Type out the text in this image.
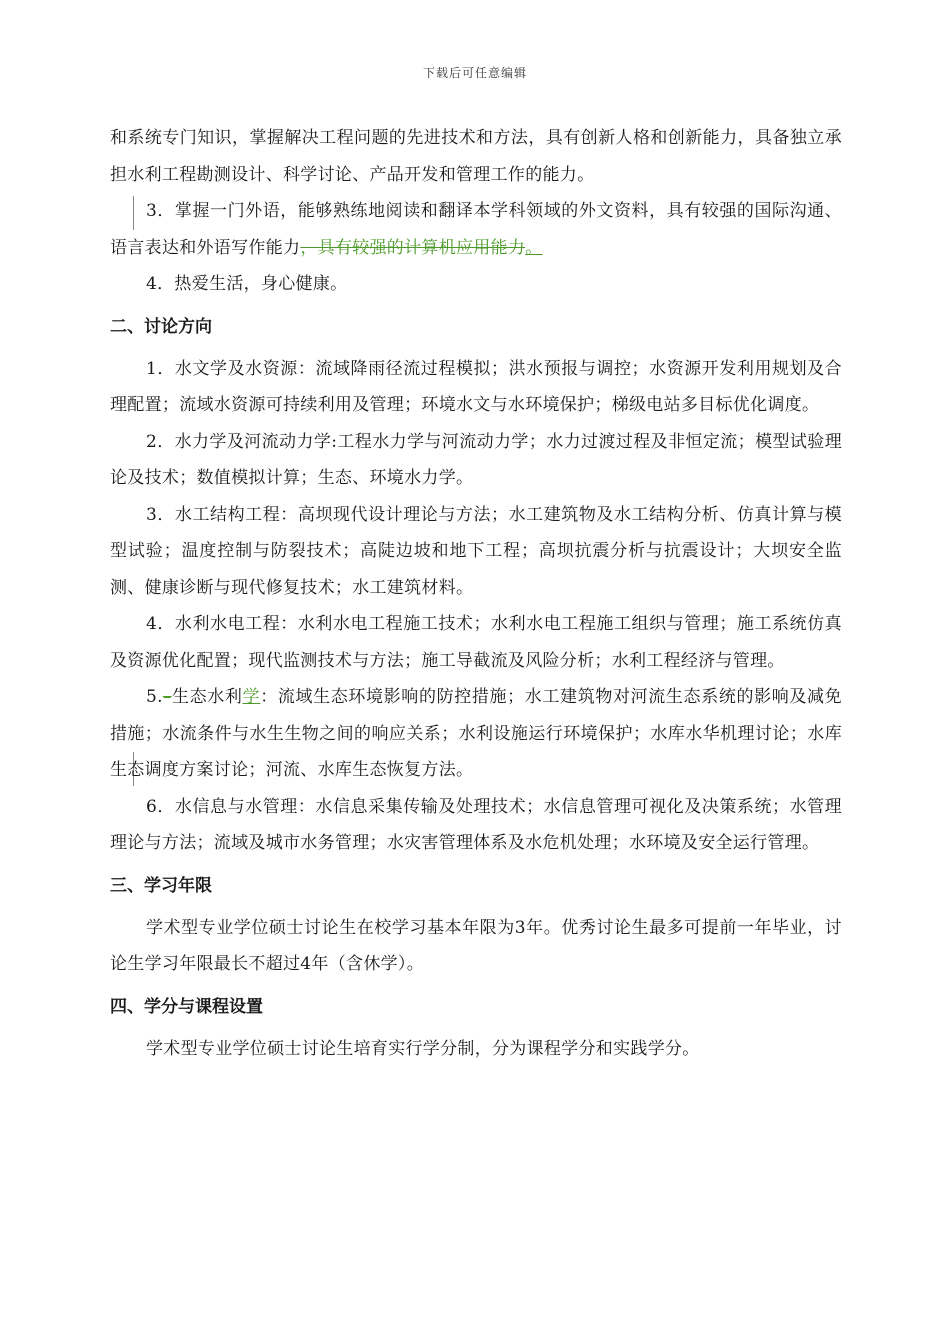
下载后可任意编辑

和系统专门知识，掌握解决工程问题的先进技术和方法，具有创新人格和创新能力，具备独立承担水利工程勘测设计、科学讨论、产品开发和管理工作的能力。

3．掌握一门外语，能够熟练地阅读和翻译本学科领域的外文资料，具有较强的国际沟通、语言表达和外语写作能力，具有较强的计算机应用能力。

4．热爱生活，身心健康。

二、讨论方向

1．水文学及水资源：流域降雨径流过程模拟；洪水预报与调控；水资源开发利用规划及合理配置；流域水资源可持续利用及管理；环境水文与水环境保护；梯级电站多目标优化调度。

2．水力学及河流动力学:工程水力学与河流动力学；水力过渡过程及非恒定流；模型试验理论及技术；数值模拟计算；生态、环境水力学。

3．水工结构工程：高坝现代设计理论与方法；水工建筑物及水工结构分析、仿真计算与模型试验；温度控制与防裂技术；高陡边坡和地下工程；高坝抗震分析与抗震设计；大坝安全监测、健康诊断与现代修复技术；水工建筑材料。

4．水利水电工程：水利水电工程施工技术；水利水电工程施工组织与管理；施工系统仿真及资源优化配置；现代监测技术与方法；施工导截流及风险分析；水利工程经济与管理。

5.–生态水利学：流域生态环境影响的防控措施；水工建筑物对河流生态系统的影响及减免措施；水流条件与水生生物之间的响应关系；水利设施运行环境保护；水库水华机理讨论；水库生态调度方案讨论；河流、水库生态恢复方法。

6．水信息与水管理：水信息采集传输及处理技术；水信息管理可视化及决策系统；水管理理论与方法；流域及城市水务管理；水灾害管理体系及水危机处理；水环境及安全运行管理。

三、学习年限

学术型专业学位硕士讨论生在校学习基本年限为3年。优秀讨论生最多可提前一年毕业，讨论生学习年限最长不超过4年（含休学）。

四、学分与课程设置

学术型专业学位硕士讨论生培育实行学分制，分为课程学分和实践学分。
